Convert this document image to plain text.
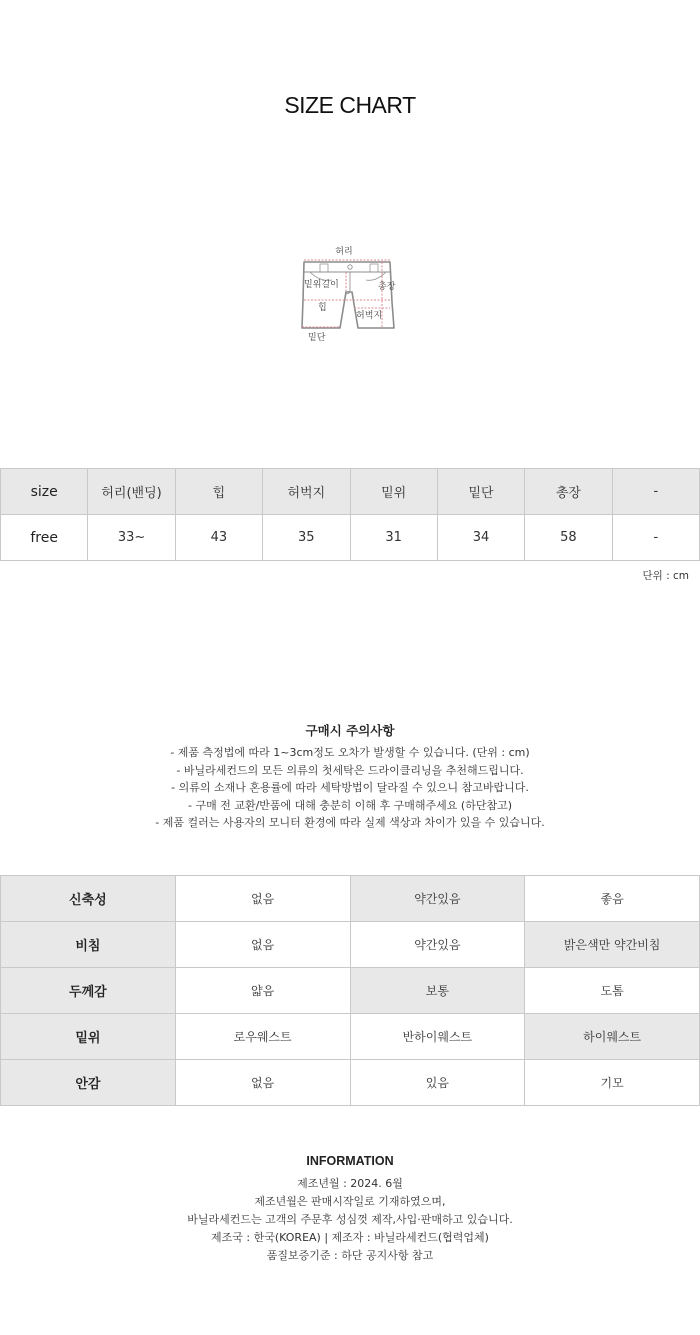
SIZE CHART
허리
밑위길이	총장
힙
허벅지
밑단
size	허리(밴딩)	힙	허벅지	밑위	밑단	총장	-
free	33~	43	35	31	34	58	-
단위 : cm
구매시 주의사항
- 제품 측정법에 따라 1~3cm정도 오차가 발생할 수 있습니다. (단위 : cm)
- 바닐라세컨드의 모든 의류의 첫세탁은 드라이클리닝을 추천해드립니다.
- 의류의 소재나 혼용률에 따라 세탁방법이 달라질 수 있으니 참고바랍니다.
- 구매 전 교환/반품에 대해 충분히 이해 후 구매해주세요 (하단참고)
- 제품 컬러는 사용자의 모니터 환경에 따라 실제 색상과 차이가 있을 수 있습니다.
신축성	없음	약간있음	좋음
비침	없음	약간있음	밝은색만 약간비침
두께감	얇음	보통	도톰
밑위	로우웨스트	반하이웨스트	하이웨스트
안감	없음	있음	기모
INFORMATION
제조년월 : 2024. 6월
제조년월은 판매시작일로 기재하였으며,
바닐라세컨드는 고객의 주문후 성심껏 제작,사입·판매하고 있습니다.
제조국 : 한국(KOREA) | 제조자 : 바닐라세컨드(협력업체)
품질보증기준 : 하단 공지사항 참고
